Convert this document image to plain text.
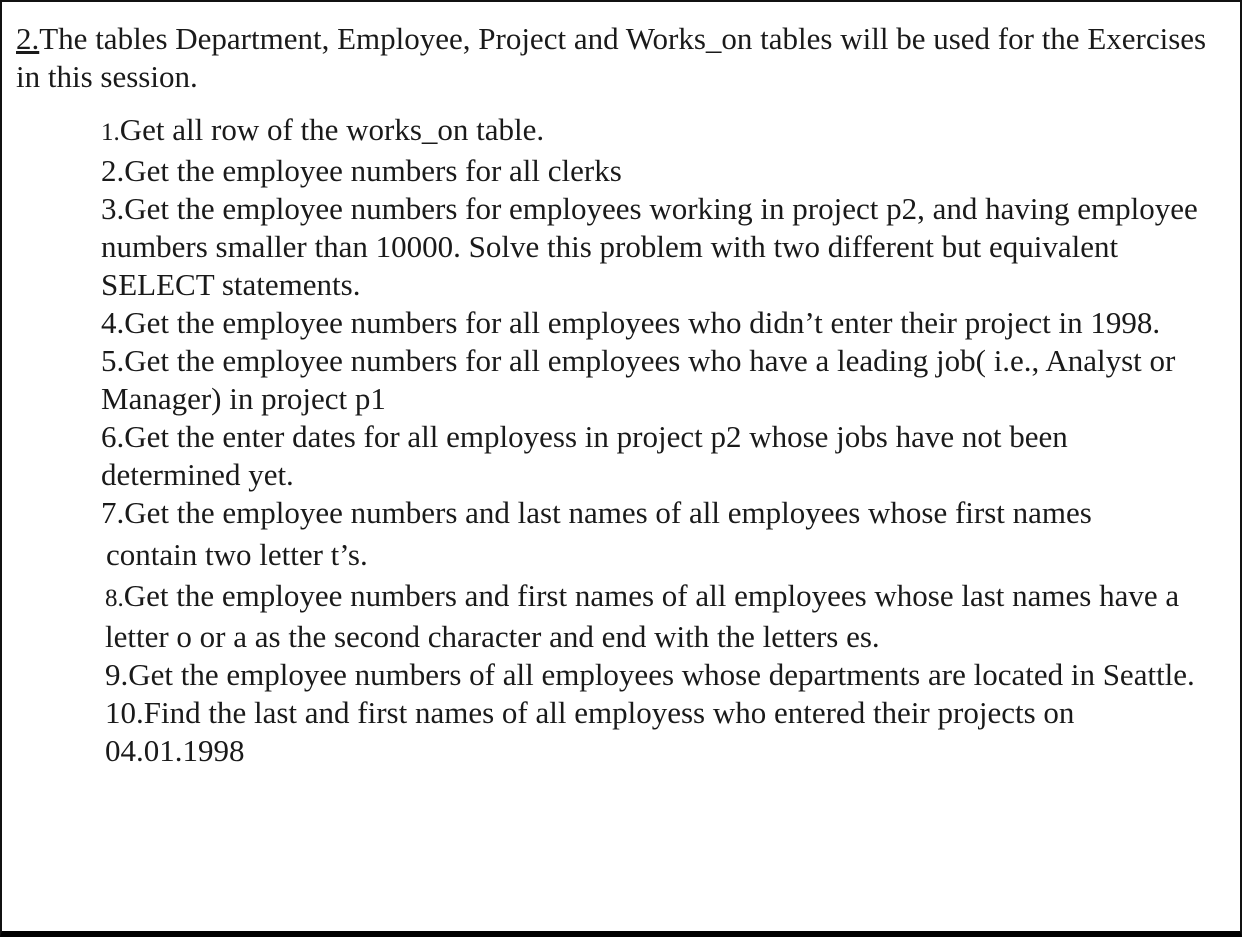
2.The tables Department, Employee, Project and Works_on tables will be used for the Exercises in this session.
1.Get all row of the works_on table.
2.Get the employee numbers for all clerks
3.Get the employee numbers for employees working in project p2, and having employee numbers smaller than 10000. Solve this problem with two different but equivalent SELECT statements.
4.Get the employee numbers for all employees who didn’t enter their project in 1998.
5.Get the employee numbers for all employees who have a leading job( i.e., Analyst or Manager) in project p1
6.Get the enter dates for all employess in project p2 whose jobs have not been determined yet.
7.Get the employee numbers and last names of all employees whose first names
contain two letter t’s.
8.Get the employee numbers and first names of all employees whose last names have a letter o or a as the second character and end with the letters es.
9.Get the employee numbers of all employees whose departments are located in Seattle.
10.Find the last and first names of all employess who entered their projects on 04.01.1998
